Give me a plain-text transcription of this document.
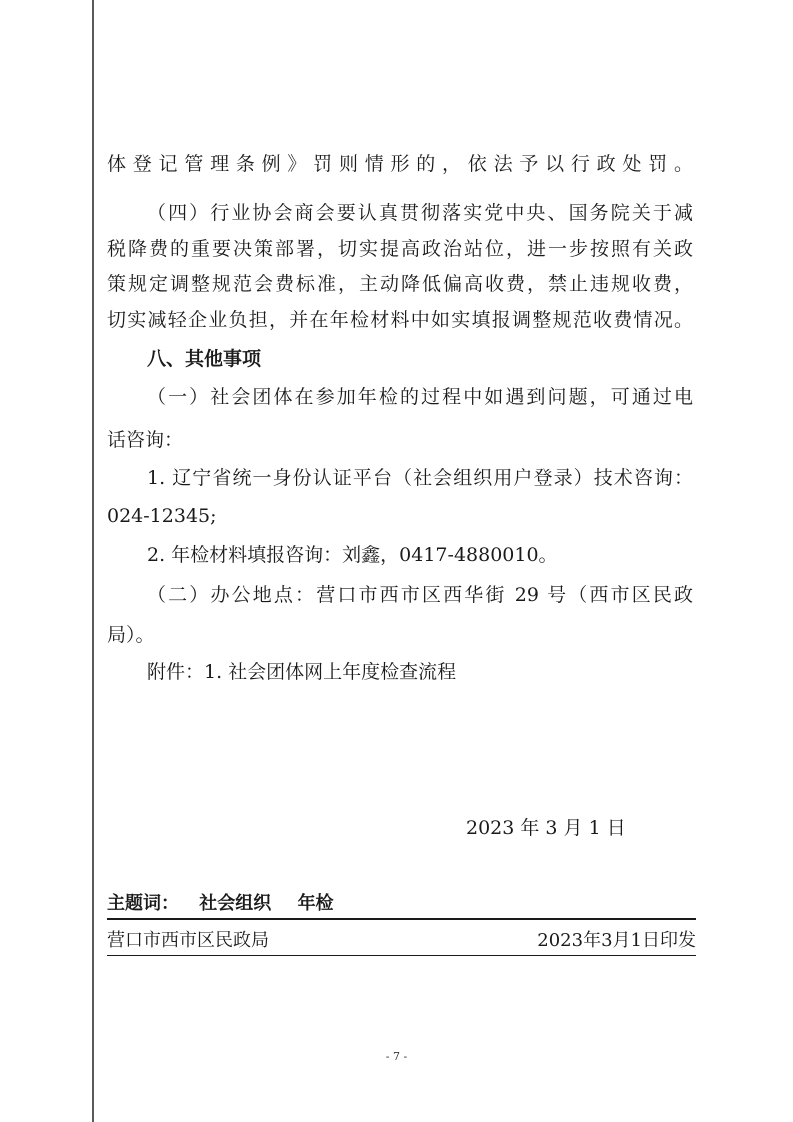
体登记管理条例》罚则情形的，依法予以行政处罚。
（四）行业协会商会要认真贯彻落实党中央、国务院关于减
税降费的重要决策部署，切实提高政治站位，进一步按照有关政
策规定调整规范会费标准，主动降低偏高收费，禁止违规收费，
切实减轻企业负担，并在年检材料中如实填报调整规范收费情况。
八、其他事项
（一）社会团体在参加年检的过程中如遇到问题，可通过电
话咨询：
1. 辽宁省统一身份认证平台（社会组织用户登录）技术咨询：
024-12345;
2. 年检材料填报咨询：刘鑫，0417-4880010。
（二）办公地点：营口市西市区西华街 29 号（西市区民政
局）。
附件：1. 社会团体网上年度检查流程
2023 年 3 月 1 日
主题词： 社会组织 年检
营口市西市区民政局	2023年3月1日印发
- 7 -
